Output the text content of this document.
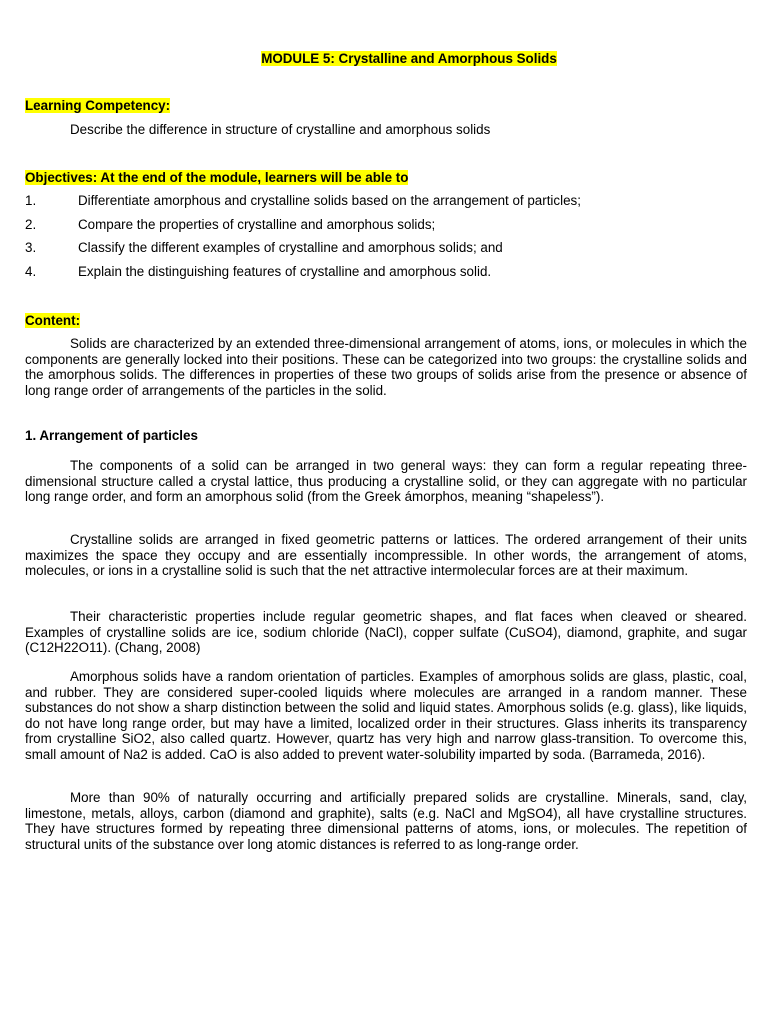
MODULE 5: Crystalline and Amorphous Solids
Learning Competency:
Describe the difference in structure of crystalline and amorphous solids
Objectives: At the end of the module, learners will be able to
1.	Differentiate amorphous and crystalline solids based on the arrangement of particles;
2.	Compare the properties of crystalline and amorphous solids;
3.	Classify the different examples of crystalline and amorphous solids; and
4.	Explain the distinguishing features of crystalline and amorphous solid.
Content:

Solids are characterized by an extended three-dimensional arrangement of atoms, ions, or molecules in which the components are generally locked into their positions. These can be categorized into two groups: the crystalline solids and the amorphous solids. The differences in properties of these two groups of solids arise from the presence or absence of long range order of arrangements of the particles in the solid.

1. Arrangement of particles

The components of a solid can be arranged in two general ways: they can form a regular repeating three-dimensional structure called a crystal lattice, thus producing a crystalline solid, or they can aggregate with no particular long range order, and form an amorphous solid (from the Greek ámorphos, meaning “shapeless”).

Crystalline solids are arranged in fixed geometric patterns or lattices. The ordered arrangement of their units maximizes the space they occupy and are essentially incompressible. In other words, the arrangement of atoms, molecules, or ions in a crystalline solid is such that the net attractive intermolecular forces are at their maximum.

Their characteristic properties include regular geometric shapes, and flat faces when cleaved or sheared. Examples of crystalline solids are ice, sodium chloride (NaCl), copper sulfate (CuSO4), diamond, graphite, and sugar (C12H22O11). (Chang, 2008)

Amorphous solids have a random orientation of particles. Examples of amorphous solids are glass, plastic, coal, and rubber. They are considered super-cooled liquids where molecules are arranged in a random manner. These substances do not show a sharp distinction between the solid and liquid states. Amorphous solids (e.g. glass), like liquids, do not have long range order, but may have a limited, localized order in their structures. Glass inherits its transparency from crystalline SiO2, also called quartz. However, quartz has very high and narrow glass-transition. To overcome this, small amount of Na2 is added. CaO is also added to prevent water-solubility imparted by soda. (Barrameda, 2016).

More than 90% of naturally occurring and artificially prepared solids are crystalline. Minerals, sand, clay, limestone, metals, alloys, carbon (diamond and graphite), salts (e.g. NaCl and MgSO4), all have crystalline structures. They have structures formed by repeating three dimensional patterns of atoms, ions, or molecules. The repetition of structural units of the substance over long atomic distances is referred to as long-range order.
